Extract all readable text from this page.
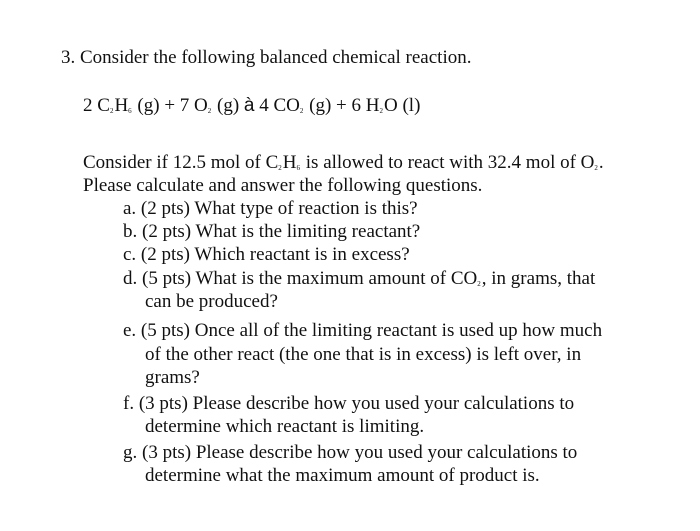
3. Consider the following balanced chemical reaction.
2 $C_2H_6$ (g) + 7 $O_2$ (g) à 4 $CO_2$ (g) + 6 $H_2O$ (l)
Consider if 12.5 mol of $C_2H_6$ is allowed to react with 32.4 mol of $O_2$.
Please calculate and answer the following questions.
a. (2 pts) What type of reaction is this?
b. (2 pts) What is the limiting reactant?
c. (2 pts) Which reactant is in excess?
d. (5 pts) What is the maximum amount of $CO_2$, in grams, that
can be produced?
e. (5 pts) Once all of the limiting reactant is used up how much
of the other react (the one that is in excess) is left over, in
grams?
f. (3 pts) Please describe how you used your calculations to
determine which reactant is limiting.
g. (3 pts) Please describe how you used your calculations to
determine what the maximum amount of product is.
